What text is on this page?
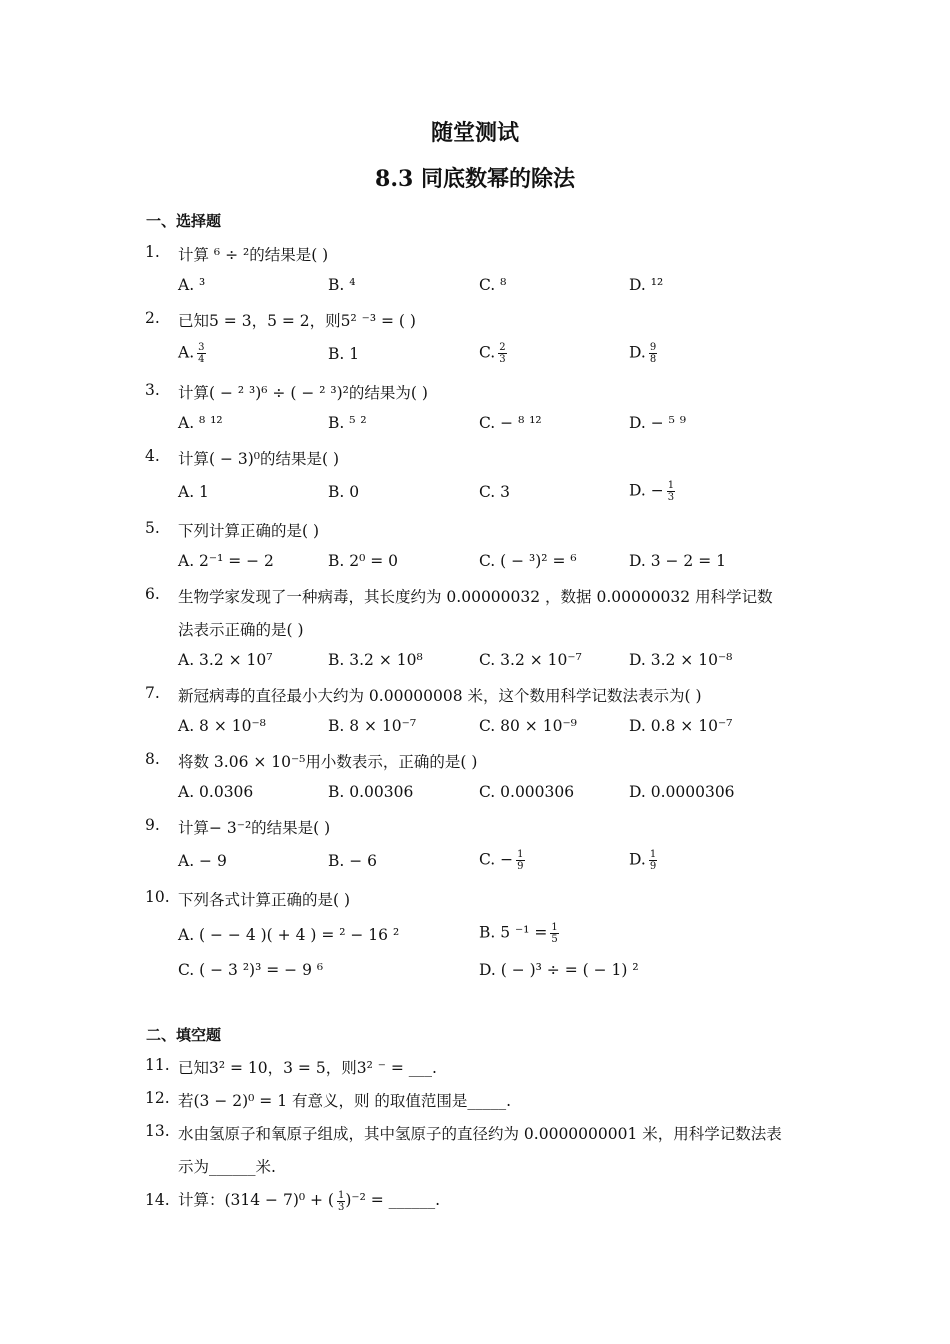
随堂测试
8.3 同底数幂的除法
一、选择题
1. 计算 ⁶ ÷ ²的结果是( )
A. ³	B. ⁴	C. ⁸	D. ¹²
2. 已知5 = 3，5 = 2，则5² ⁻³ = ( )
A. $\frac{3}{4}$	B. 1	C. $\frac{2}{3}$	D. $\frac{9}{8}$
3. 计算( − ² ³)⁶ ÷ ( − ² ³)²的结果为( )
A. ⁸ ¹²	B. ⁵ ²	C. − ⁸ ¹²	D. − ⁵ ⁹
4. 计算( − 3)⁰的结果是( )
A. 1	B. 0	C. 3	D. − $\frac{1}{3}$
5. 下列计算正确的是( )
A. 2⁻¹ = − 2	B. 2⁰ = 0	C. ( − ³)² = ⁶	D. 3 − 2 = 1
6. 生物学家发现了一种病毒，其长度约为 0.00000032 ，数据 0.00000032 用科学记数
法表示正确的是( )
A. 3.2 × 10⁷	B. 3.2 × 10⁸	C. 3.2 × 10⁻⁷	D. 3.2 × 10⁻⁸
7. 新冠病毒的直径最小大约为 0.00000008 米，这个数用科学记数法表示为( )
A. 8 × 10⁻⁸	B. 8 × 10⁻⁷	C. 80 × 10⁻⁹	D. 0.8 × 10⁻⁷
8. 将数 3.06 × 10⁻⁵用小数表示，正确的是( )
A. 0.0306	B. 0.00306	C. 0.000306	D. 0.0000306
9. 计算− 3⁻²的结果是( )
A. − 9	B. − 6	C. − $\frac{1}{9}$	D. $\frac{1}{9}$
10. 下列各式计算正确的是( )
A. ( − − 4 )( + 4 ) = ² − 16 ²	B. 5 $^{-1} = \frac{1}{5}$
C. ( − 3 ²)³ = − 9 ⁶	D. ( − )³ ÷ = ( − 1) ²
二、填空题
11. 已知3² = 10，3 = 5，则3² ⁻ = ___.
12. 若(3 − 2)⁰ = 1 有意义，则 的取值范围是_____.
13. 水由氢原子和氧原子组成，其中氢原子的直径约为 0.0000000001 米，用科学记数法表
示为______米.
14. 计算：(314 − 7)⁰ + ( $\frac{1}{3} )^{-2}$ = ______.
